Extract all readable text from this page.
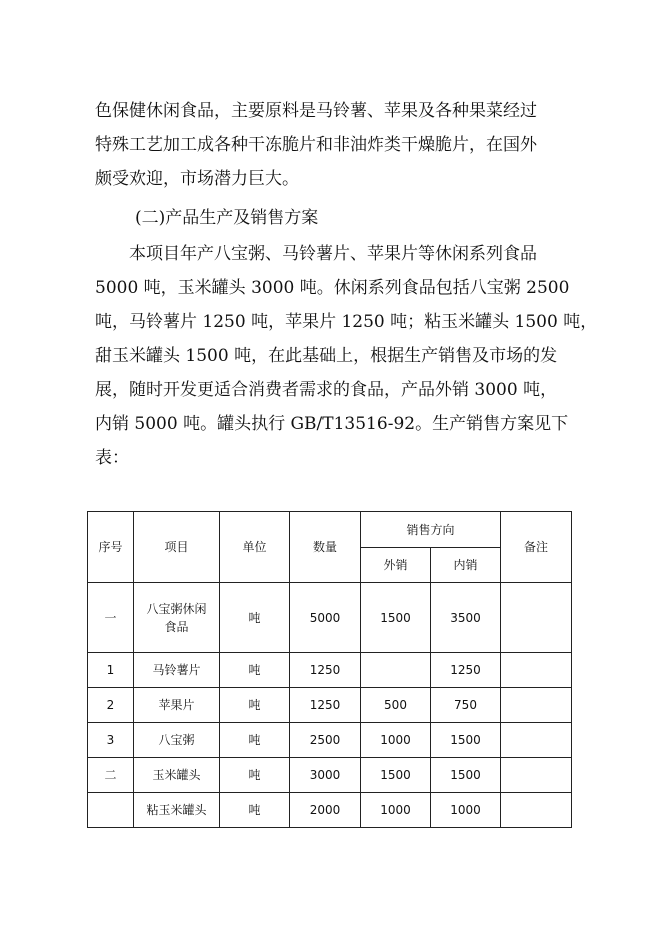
色保健休闲食品，主要原料是马铃薯、苹果及各种果菜经过
特殊工艺加工成各种干冻脆片和非油炸类干燥脆片，在国外
颇受欢迎，市场潜力巨大。
(二)产品生产及销售方案
本项目年产八宝粥、马铃薯片、苹果片等休闲系列食品
5000 吨，玉米罐头 3000 吨。休闲系列食品包括八宝粥 2500
吨，马铃薯片 1250 吨，苹果片 1250 吨；粘玉米罐头 1500 吨，
甜玉米罐头 1500 吨，在此基础上，根据生产销售及市场的发
展，随时开发更适合消费者需求的食品，产品外销 3000 吨，
内销 5000 吨。罐头执行 GB/T13516-92。生产销售方案见下
表：
序号	项目	单位	数量	销售方向		备注
				外销	内销	
一	八宝粥休闲
食品	吨	5000	1500	3500	
1	马铃薯片	吨	1250		1250	
2	苹果片	吨	1250	500	750	
3	八宝粥	吨	2500	1000	1500	
二	玉米罐头	吨	3000	1500	1500	
	粘玉米罐头	吨	2000	1000	1000	
